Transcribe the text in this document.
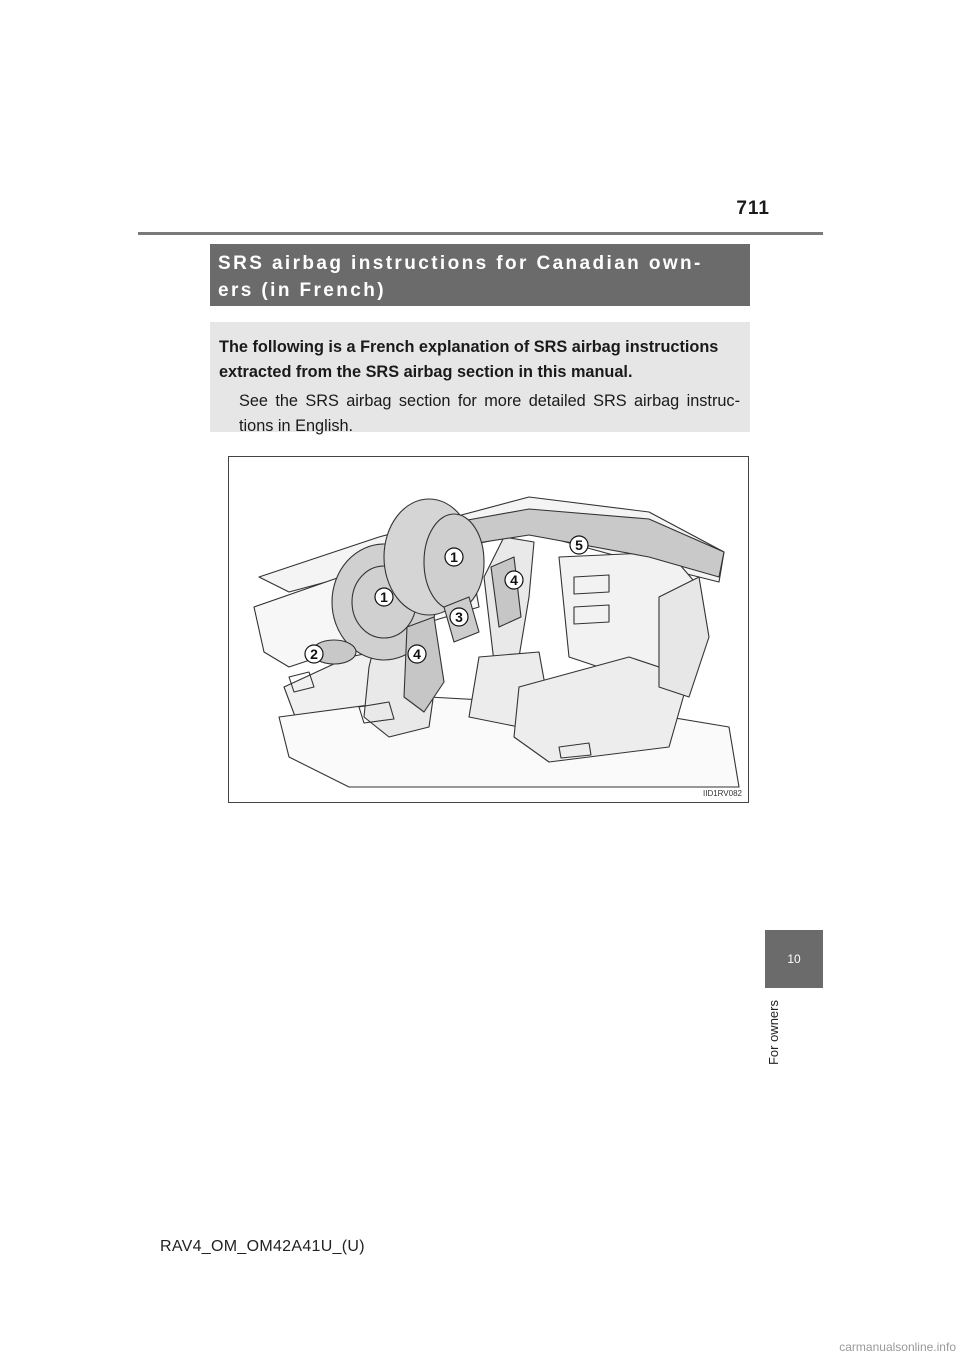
711
SRS airbag instructions for Canadian own-
ers (in French)
The following is a French explanation of SRS airbag instructions extracted from the SRS airbag section in this manual.
See the SRS airbag section for more detailed SRS airbag instruc-tions in English.
1
1
2
3
4
4
5
IID1RV082
10
For owners
RAV4_OM_OM42A41U_(U)
carmanualsonline.info
